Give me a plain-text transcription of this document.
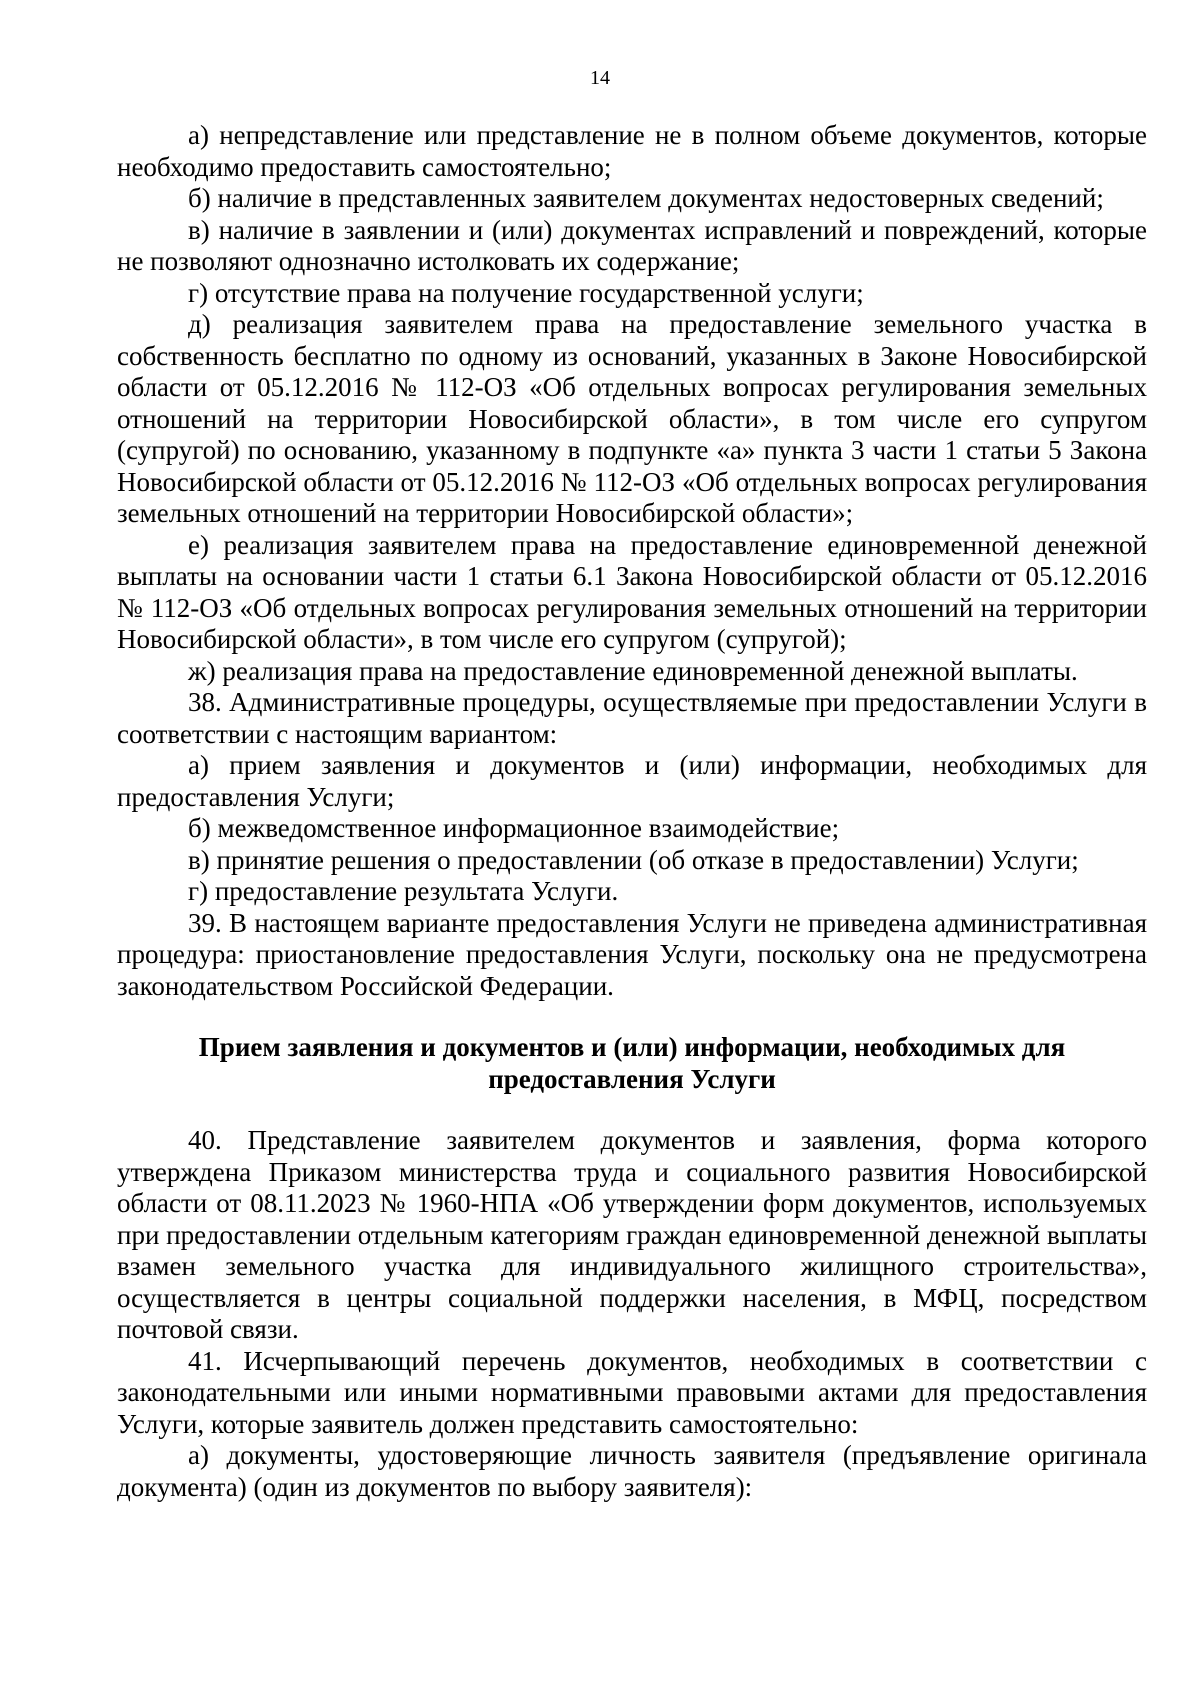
14

а) непредставление или представление не в полном объеме документов, которые необходимо предоставить самостоятельно;

б) наличие в представленных заявителем документах недостоверных сведений;

в) наличие в заявлении и (или) документах исправлений и повреждений, которые не позволяют однозначно истолковать их содержание;

г) отсутствие права на получение государственной услуги;

д) реализация заявителем права на предоставление земельного участка в собственность бесплатно по одному из оснований, указанных в Законе Новосибирской области от 05.12.2016 № 112-ОЗ «Об отдельных вопросах регулирования земельных отношений на территории Новосибирской области», в том числе его супругом (супругой) по основанию, указанному в подпункте «а» пункта 3 части 1 статьи 5 Закона Новосибирской области от 05.12.2016 № 112-ОЗ «Об отдельных вопросах регулирования земельных отношений на территории Новосибирской области»;

е) реализация заявителем права на предоставление единовременной денежной выплаты на основании части 1 статьи 6.1 Закона Новосибирской области от 05.12.2016 № 112-ОЗ «Об отдельных вопросах регулирования земельных отношений на территории Новосибирской области», в том числе его супругом (супругой);

ж) реализация права на предоставление единовременной денежной выплаты.

38. Административные процедуры, осуществляемые при предоставлении Услуги в соответствии с настоящим вариантом:

а) прием заявления и документов и (или) информации, необходимых для предоставления Услуги;

б) межведомственное информационное взаимодействие;

в) принятие решения о предоставлении (об отказе в предоставлении) Услуги;

г) предоставление результата Услуги.

39. В настоящем варианте предоставления Услуги не приведена административная процедура: приостановление предоставления Услуги, поскольку она не предусмотрена законодательством Российской Федерации.

Прием заявления и документов и (или) информации, необходимых для предоставления Услуги

40. Представление заявителем документов и заявления, форма которого утверждена Приказом министерства труда и социального развития Новосибирской области от 08.11.2023 № 1960-НПА «Об утверждении форм документов, используемых при предоставлении отдельным категориям граждан единовременной денежной выплаты взамен земельного участка для индивидуального жилищного строительства», осуществляется в центры социальной поддержки населения, в МФЦ, посредством почтовой связи.

41. Исчерпывающий перечень документов, необходимых в соответствии с законодательными или иными нормативными правовыми актами для предоставления Услуги, которые заявитель должен представить самостоятельно:

а) документы, удостоверяющие личность заявителя (предъявление оригинала документа) (один из документов по выбору заявителя):
